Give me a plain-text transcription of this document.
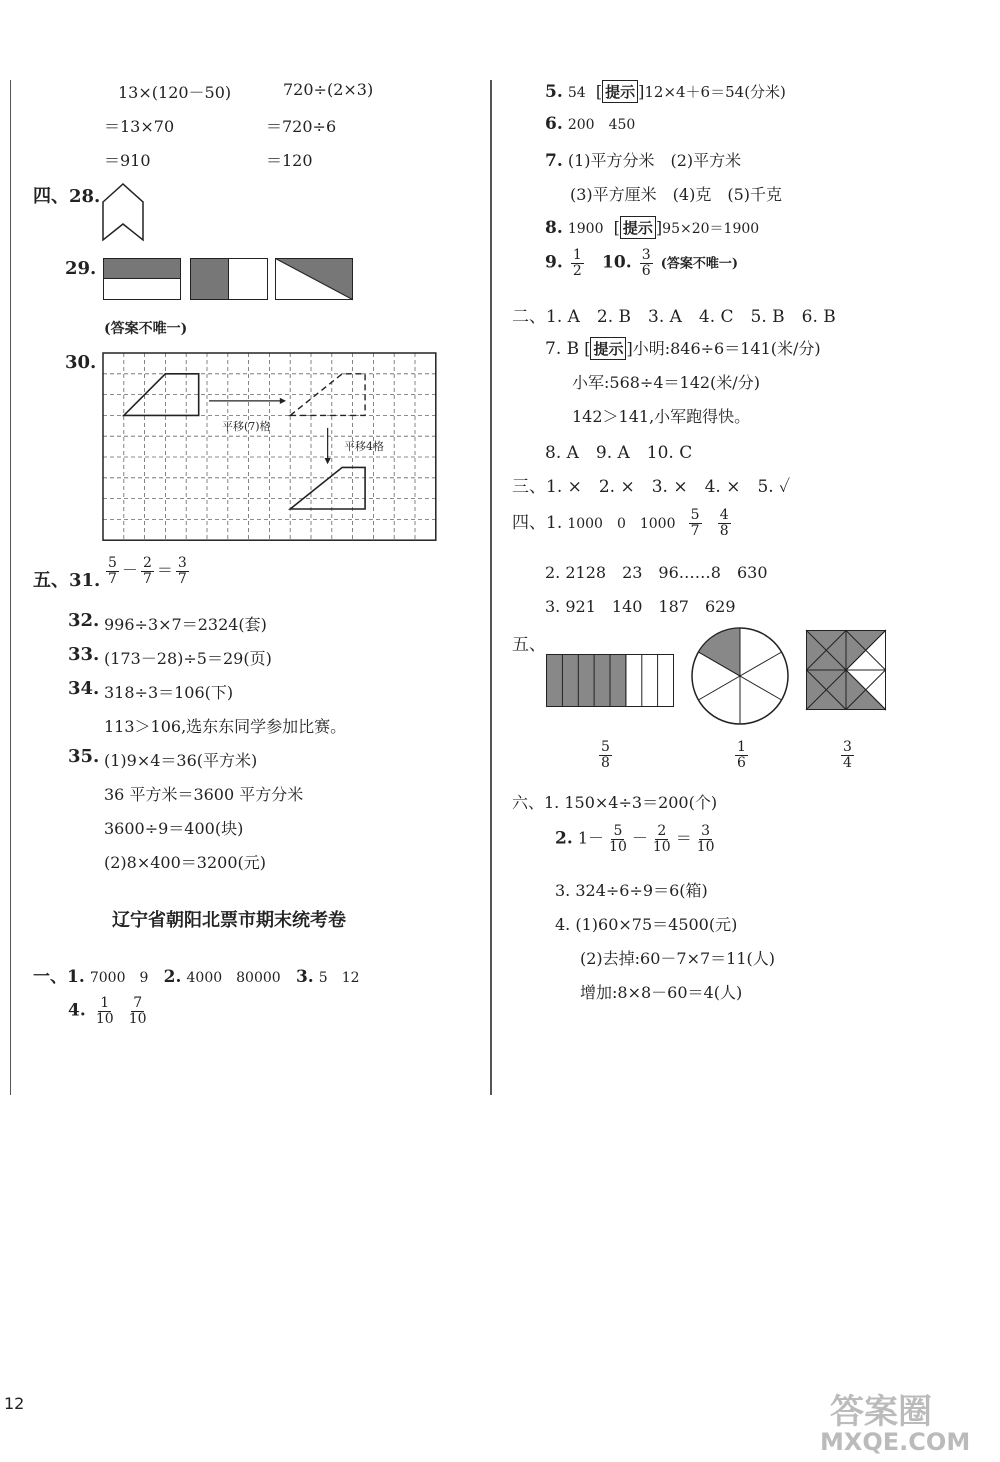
13×(120－50)
＝13×70
＝910
720÷(2×3)
＝720÷6
＝120
四、28.
29.
(答案不唯一)
30.
平移(7)格
平移4格
五、31. $\frac{5}{7} - \frac{2}{7} = \frac{3}{7}$
32. 996÷3×7＝2324(套)
33. (173－28)÷5＝29(页)
34. 318÷3＝106(下)
113＞106,选东东同学参加比赛。
35. (1)9×4＝36(平方米)
36 平方米＝3600 平方分米
3600÷9＝400(块)
(2)8×400＝3200(元)
辽宁省朝阳北票市期末统考卷
一、1. 7000　9 2. 4000　80000 3. 5　12
4. $\frac{1}{10}$
$\frac{7}{10}$
5. 54  [ 提示 ]12×4＋6＝54(分米)
6. 200　450
7. (1)平方分米　(2)平方米
(3)平方厘米　(4)克　(5)千克
8. 1900  [ 提示 ]95×20＝1900
9. $\frac{1}{2} 10$. $\frac{3}{6}$ (答案不唯一)
二、1. A　2. B　3. A　4. C　5. B　6. B
7. B [ 提示 ]小明:846÷6＝141(米/分)
小军:568÷4＝142(米/分)
142＞141,小军跑得快。
8. A　9. A　10. C
三、1. ×　2. ×　3. ×　4. ×　5. ✓
四、1. 1000　0　$1000 \frac{5}{7}$
$\frac{4}{8}$
2. 2128　23　96……8　630
3. 921　140　187　629
五、
$\frac{5}{8}$	$\frac{1}{6}$	$\frac{3}{4}$
六、1. 150×4÷3＝200(个)
2. $1- \frac{5}{10} - \frac{2}{10} = \frac{3}{10}$
3. 324÷6÷9＝6(箱)
4. (1)60×75＝4500(元)
(2)去掉:60－7×7＝11(人)
增加:8×8－60＝4(人)
12	答案圈
MXQE.COM
